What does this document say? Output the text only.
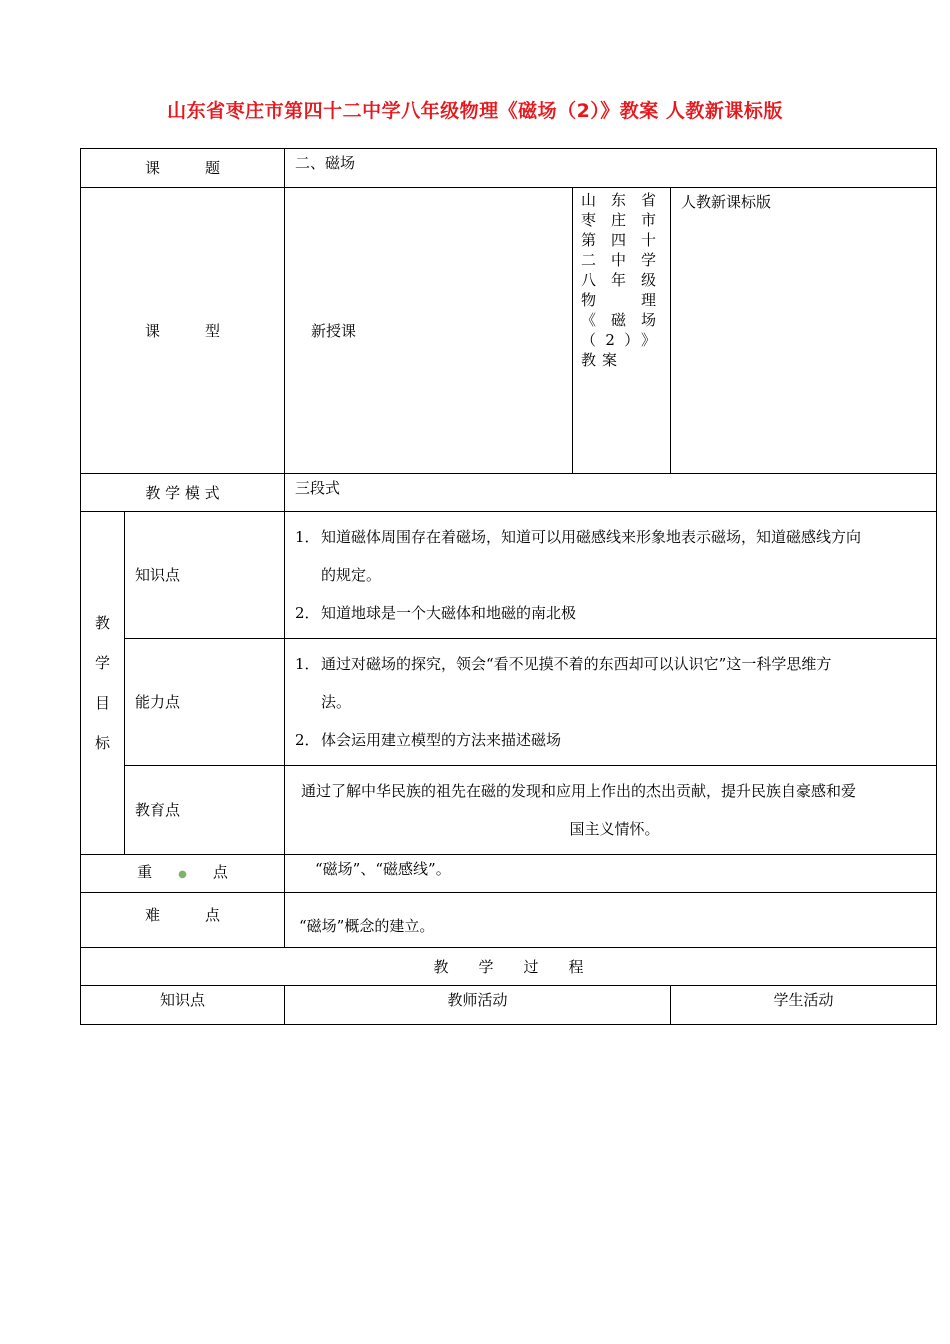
山东省枣庄市第四十二中学八年级物理《磁场（2）》教案 人教新课标版
课　　　题		二、磁场		
课　　　型		新授课	山东省枣庄市第四十二中学八年级物理《磁场（2）》教案	人教新课标版
教 学 模 式		三段式		

教学目标	知识点	1．知道磁体周围存在着磁场，知道可以用磁感线来形象地表示磁场，知道磁感线方向
的规定。
2．知道地球是一个大磁体和地磁的南北极		

	能力点	1．通过对磁场的探究，领会“看不见摸不着的东西却可以认识它”这一科学思维方
法。
2．体会运用建立模型的方法来描述磁场		

	教育点	通过了解中华民族的祖先在磁的发现和应用上作出的杰出贡献，提升民族自豪感和爱
国主义情怀。		

重 ● 点		“磁场”、“磁感线”。		
难　　　点		“磁场”概念的建立。		
教　　学　　过　　程				
知识点		教师活动		学生活动
